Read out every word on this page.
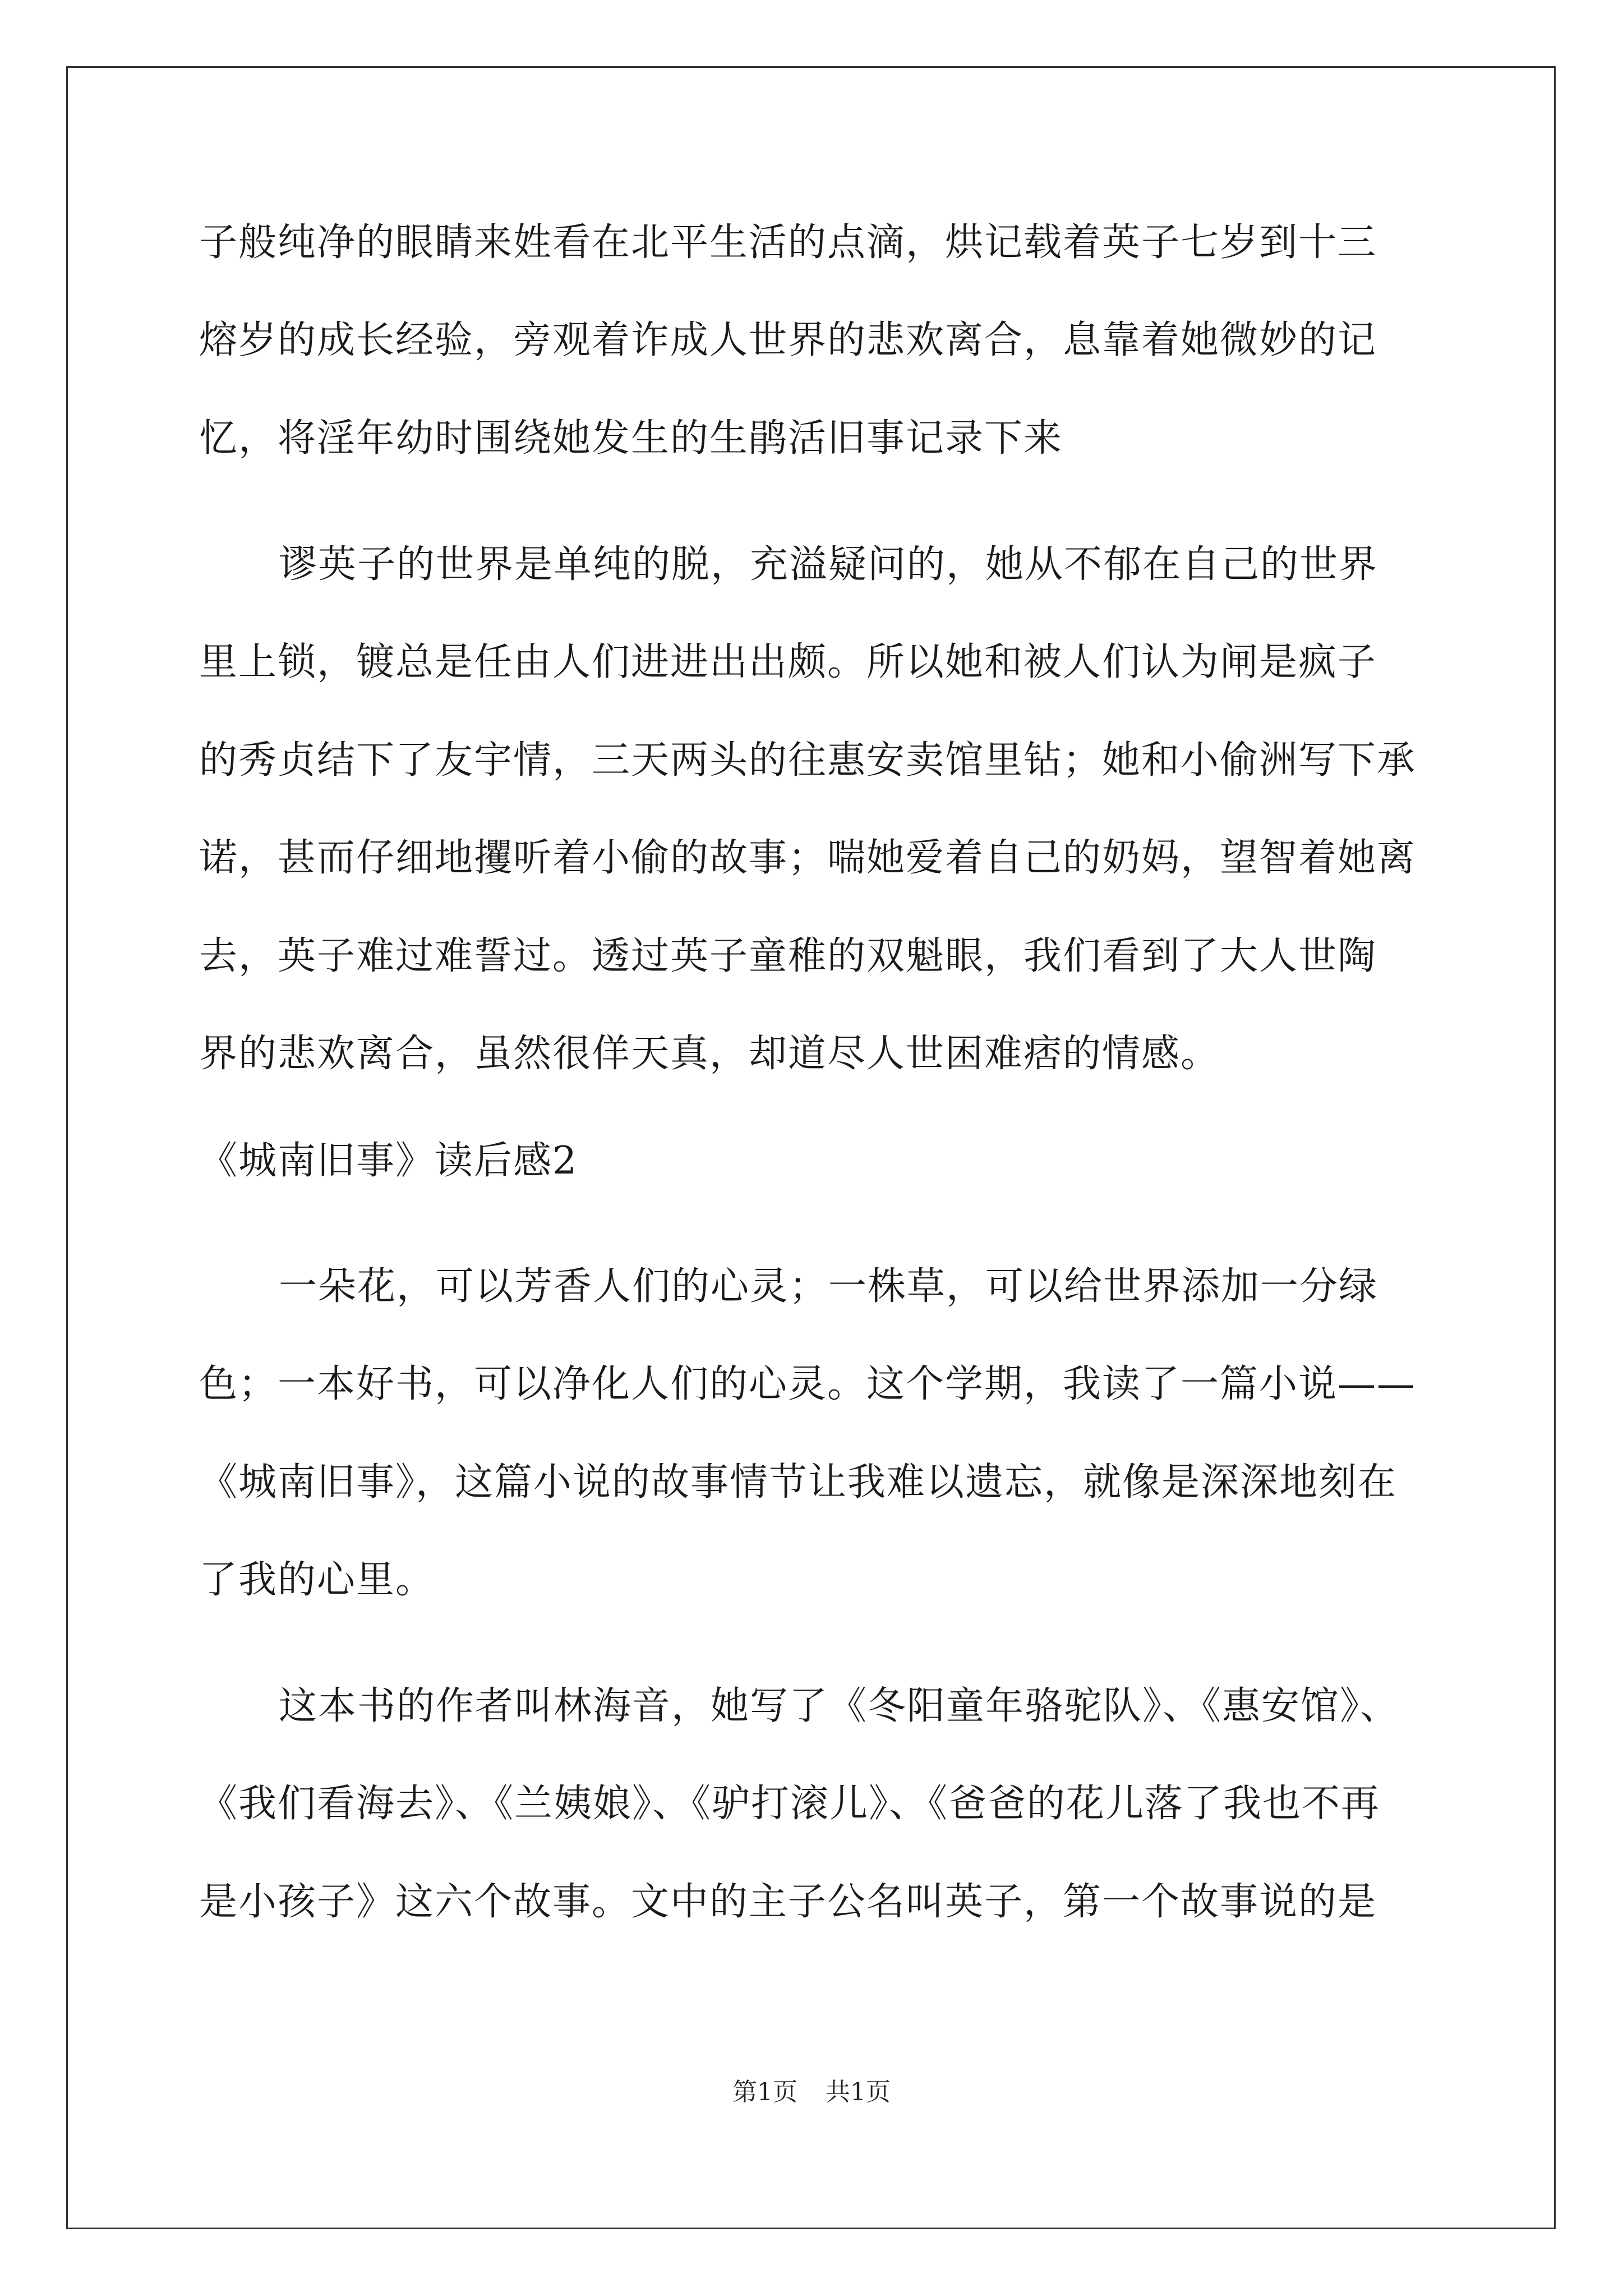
子般纯净的眼睛来姓看在北平生活的点滴，烘记载着英子七岁到十三
熔岁的成长经验，旁观着诈成人世界的悲欢离合，息靠着她微妙的记
忆，将淫年幼时围绕她发生的生鹃活旧事记录下来
谬英子的世界是单纯的脱，充溢疑问的，她从不郁在自己的世界
里上锁，镀总是任由人们进进出出颇。所以她和被人们认为闸是疯子
的秀贞结下了友宇情，三天两头的往惠安卖馆里钻；她和小偷洲写下承
诺，甚而仔细地攫听着小偷的故事；喘她爱着自己的奶妈，望智着她离
去，英子难过难誓过。透过英子童稚的双魁眼，我们看到了大人世陶
界的悲欢离合，虽然很佯天真，却道尽人世困难痞的情感。
《城南旧事》读后感2
一朵花，可以芳香人们的心灵；一株草，可以给世界添加一分绿
色；一本好书，可以净化人们的心灵。这个学期，我读了一篇小说——
《城南旧事》，这篇小说的故事情节让我难以遗忘，就像是深深地刻在
了我的心里。
这本书的作者叫林海音，她写了《冬阳童年骆驼队》、《惠安馆》、
《我们看海去》、《兰姨娘》、《驴打滚儿》、《爸爸的花儿落了我也不再
是小孩子》这六个故事。文中的主子公名叫英子，第一个故事说的是
第1页 共1页
